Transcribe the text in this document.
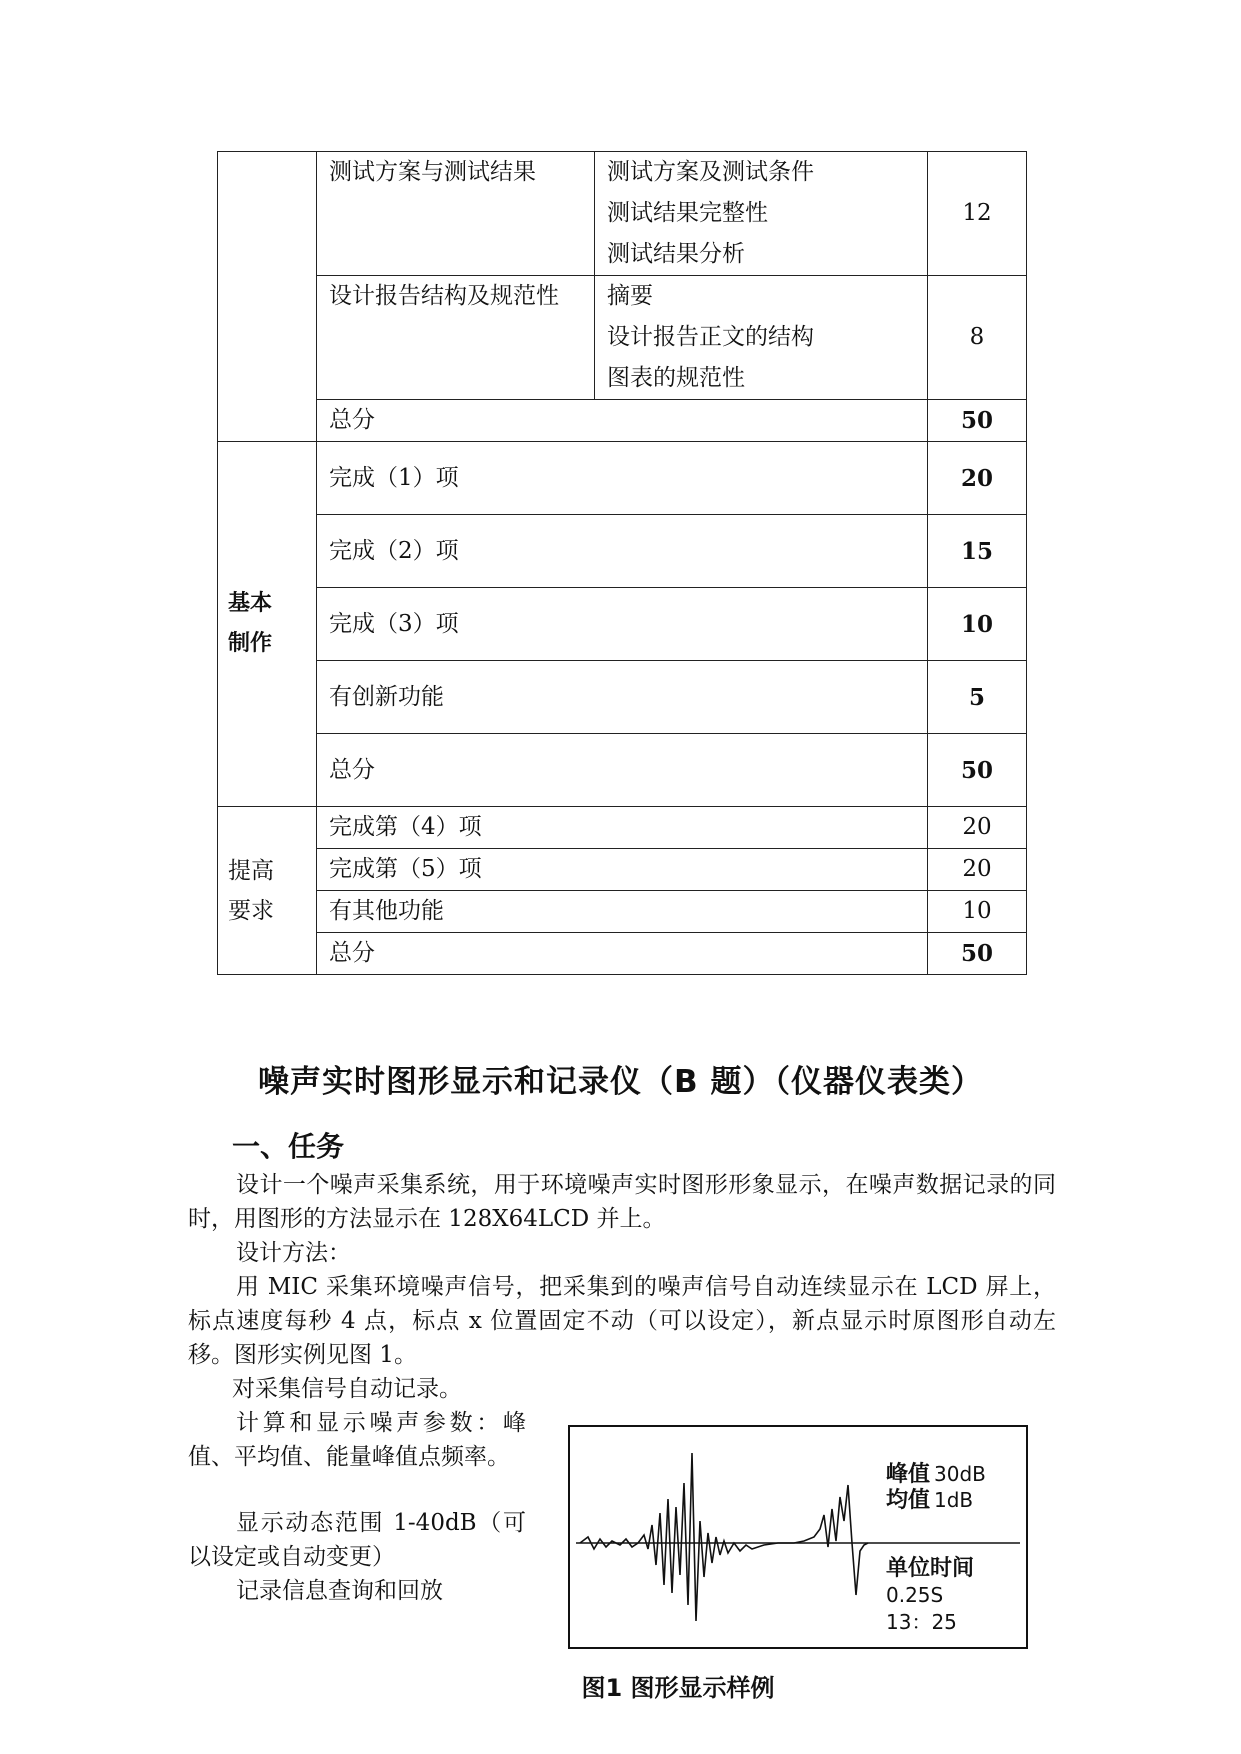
	测试方案与测试结果	测试方案及测试条件
测试结果完整性
测试结果分析	12
	设计报告结构及规范性	摘要
设计报告正文的结构
图表的规范性	8
	总分		50

基本
制作	完成（1）项		20
	完成（2）项		15
	完成（3）项		10
	有创新功能		5
	总分		50

提高
要求	完成第（4）项		20
	完成第（5）项		20
	有其他功能		10
	总分		50
噪声实时图形显示和记录仪（B 题）（仪器仪表类）
一、任务

设计一个噪声采集系统，用于环境噪声实时图形形象显示，在噪声数据记录的同时，用图形的方法显示在 128X64LCD 并上。

设计方法：

用 MIC 采集环境噪声信号，把采集到的噪声信号自动连续显示在 LCD 屏上，标点速度每秒 4 点，标点 x 位置固定不动（可以设定），新点显示时原图形自动左移。图形实例见图 1。

对采集信号自动记录。

计算和显示噪声参数：峰值、平均值、能量峰值点频率。

显示动态范围 1-40dB（可以设定或自动变更）

记录信息查询和回放

峰值 30dB
均值 1dB
单位时间
0.25S
13：25
图1 图形显示样例
